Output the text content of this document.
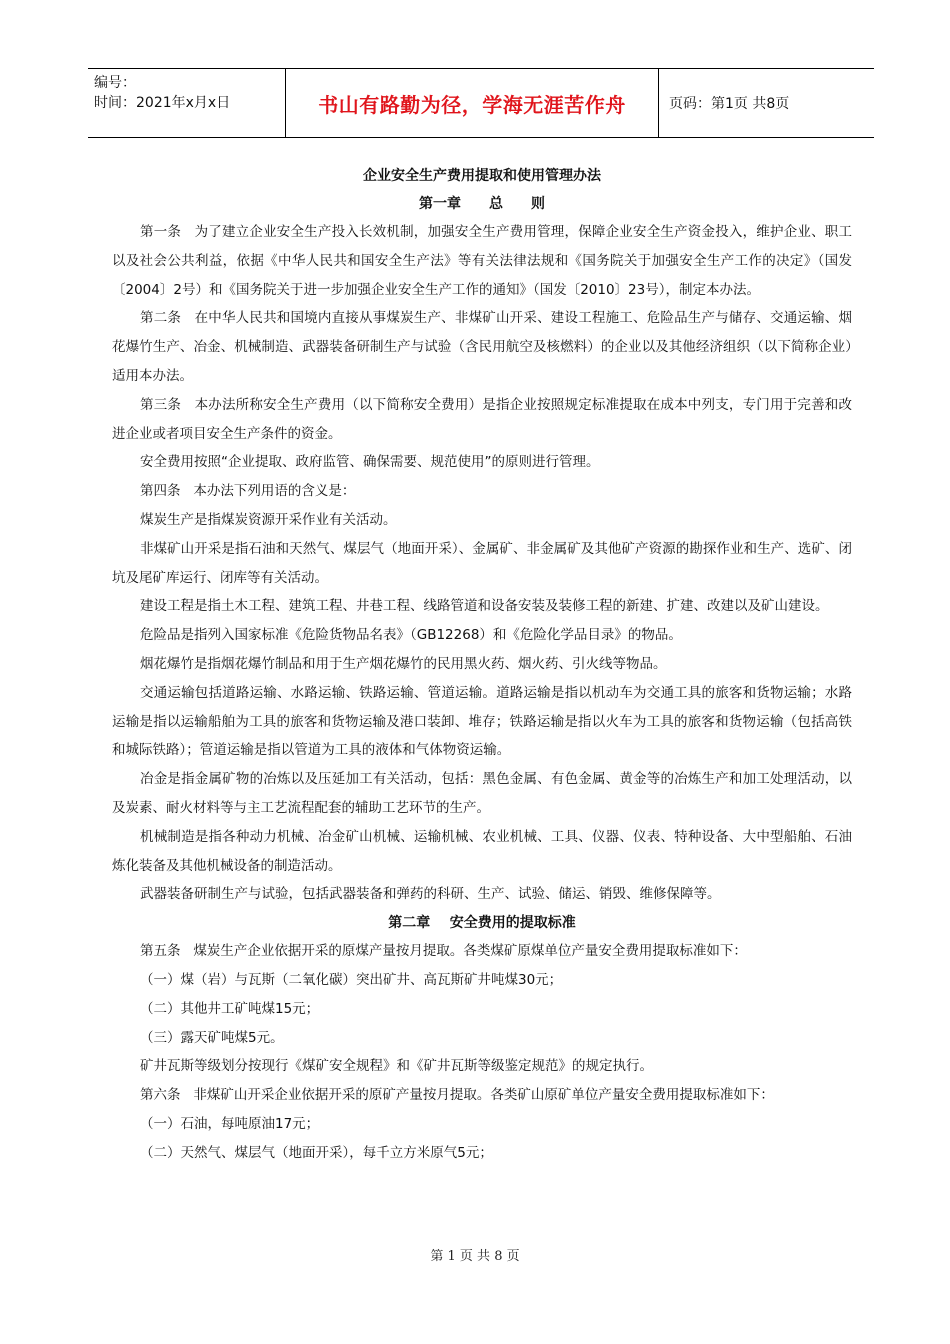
编号：
时间：2021年x月x日	书山有路勤为径，学海无涯苦作舟	页码：第1页 共8页
企业安全生产费用提取和使用管理办法
第一章 总 则

第一条   为了建立企业安全生产投入长效机制，加强安全生产费用管理，保障企业安全生产资金投入，维护企业、职工以及社会公共利益，依据《中华人民共和国安全生产法》等有关法律法规和《国务院关于加强安全生产工作的决定》（国发〔2004〕2号）和《国务院关于进一步加强企业安全生产工作的通知》（国发〔2010〕23号），制定本办法。

第二条   在中华人民共和国境内直接从事煤炭生产、非煤矿山开采、建设工程施工、危险品生产与储存、交通运输、烟花爆竹生产、冶金、机械制造、武器装备研制生产与试验（含民用航空及核燃料）的企业以及其他经济组织（以下简称企业）适用本办法。

第三条   本办法所称安全生产费用（以下简称安全费用）是指企业按照规定标准提取在成本中列支，专门用于完善和改进企业或者项目安全生产条件的资金。

安全费用按照“企业提取、政府监管、确保需要、规范使用”的原则进行管理。

第四条   本办法下列用语的含义是：

煤炭生产是指煤炭资源开采作业有关活动。

非煤矿山开采是指石油和天然气、煤层气（地面开采）、金属矿、非金属矿及其他矿产资源的勘探作业和生产、选矿、闭坑及尾矿库运行、闭库等有关活动。

建设工程是指土木工程、建筑工程、井巷工程、线路管道和设备安装及装修工程的新建、扩建、改建以及矿山建设。

危险品是指列入国家标准《危险货物品名表》（GB12268）和《危险化学品目录》的物品。

烟花爆竹是指烟花爆竹制品和用于生产烟花爆竹的民用黑火药、烟火药、引火线等物品。

交通运输包括道路运输、水路运输、铁路运输、管道运输。道路运输是指以机动车为交通工具的旅客和货物运输；水路运输是指以运输船舶为工具的旅客和货物运输及港口装卸、堆存；铁路运输是指以火车为工具的旅客和货物运输（包括高铁和城际铁路）；管道运输是指以管道为工具的液体和气体物资运输。

冶金是指金属矿物的冶炼以及压延加工有关活动，包括：黑色金属、有色金属、黄金等的冶炼生产和加工处理活动，以及炭素、耐火材料等与主工艺流程配套的辅助工艺环节的生产。

机械制造是指各种动力机械、冶金矿山机械、运输机械、农业机械、工具、仪器、仪表、特种设备、大中型船舶、石油炼化装备及其他机械设备的制造活动。

武器装备研制生产与试验，包括武器装备和弹药的科研、生产、试验、储运、销毁、维修保障等。

第二章    安全费用的提取标准

第五条   煤炭生产企业依据开采的原煤产量按月提取。各类煤矿原煤单位产量安全费用提取标准如下：

（一）煤（岩）与瓦斯（二氧化碳）突出矿井、高瓦斯矿井吨煤30元；

（二）其他井工矿吨煤15元；

（三）露天矿吨煤5元。

矿井瓦斯等级划分按现行《煤矿安全规程》和《矿井瓦斯等级鉴定规范》的规定执行。

第六条   非煤矿山开采企业依据开采的原矿产量按月提取。各类矿山原矿单位产量安全费用提取标准如下：

（一）石油，每吨原油17元；

（二）天然气、煤层气（地面开采），每千立方米原气5元；

第 1 页 共 8 页
